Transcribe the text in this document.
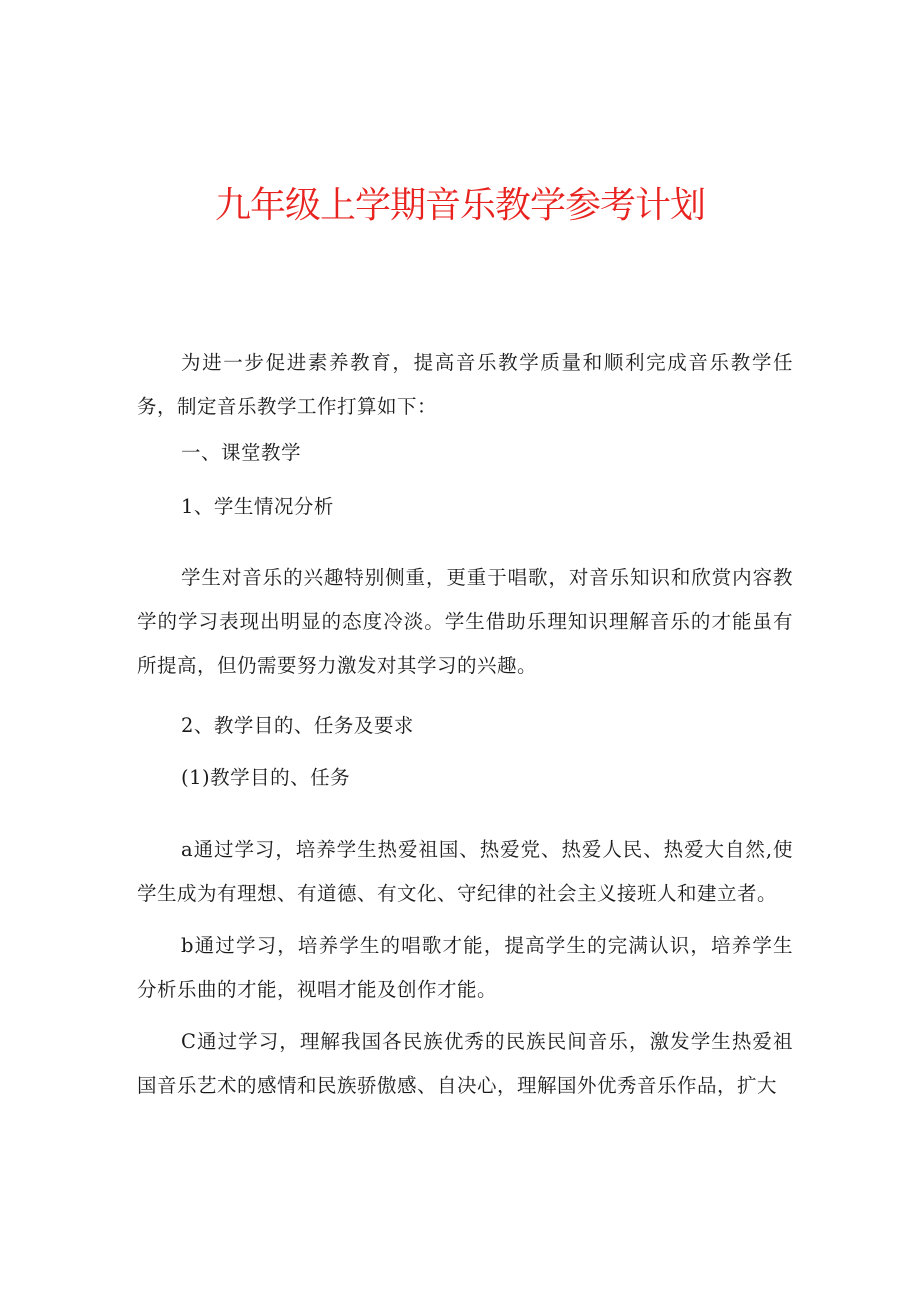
九年级上学期音乐教学参考计划

为进一步促进素养教育，提高音乐教学质量和顺利完成音乐教学任务，制定音乐教学工作打算如下：

一、课堂教学

1、学生情况分析

学生对音乐的兴趣特别侧重，更重于唱歌，对音乐知识和欣赏内容教学的学习表现出明显的态度冷淡。学生借助乐理知识理解音乐的才能虽有所提高，但仍需要努力激发对其学习的兴趣。

2、教学目的、任务及要求

(1)教学目的、任务

a通过学习，培养学生热爱祖国、热爱党、热爱人民、热爱大自然,使学生成为有理想、有道德、有文化、守纪律的社会主义接班人和建立者。

b通过学习，培养学生的唱歌才能，提高学生的完满认识，培养学生分析乐曲的才能，视唱才能及创作才能。

C通过学习，理解我国各民族优秀的民族民间音乐，激发学生热爱祖国音乐艺术的感情和民族骄傲感、自决心，理解国外优秀音乐作品，扩大
